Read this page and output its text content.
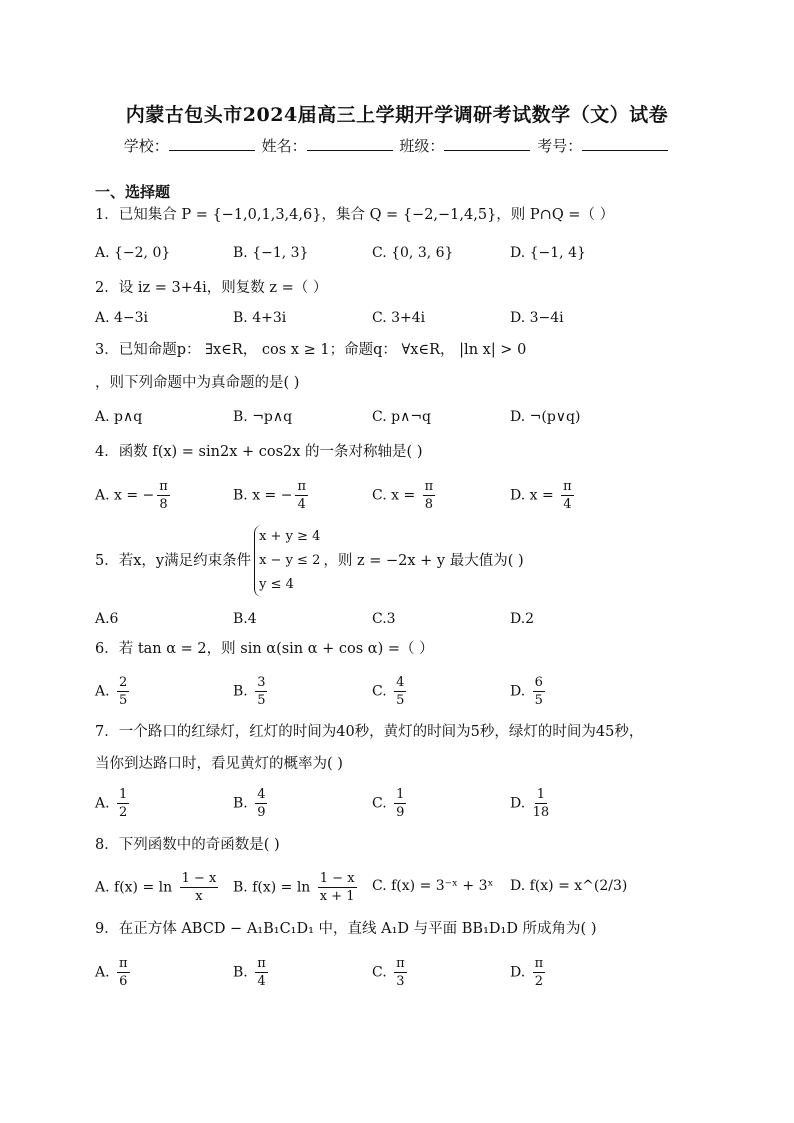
内蒙古包头市2024届高三上学期开学调研考试数学（文）试卷
学校：	姓名：	班级：	考号：
一、选择题
1．已知集合 P = {−1,0,1,3,4,6}，集合 Q = {−2,−1,4,5}，则 P∩Q =（ ）
A. {−2, 0}	B. {−1, 3}	C. {0, 3, 6}	D. {−1, 4}
2．设 iz = 3+4i，则复数 z =（ ）
A. 4−3i	B. 4+3i	C. 3+4i	D. 3−4i
3．已知命题p： ∃x∈R， cos x ≥ 1；命题q： ∀x∈R， |ln x| > 0
，则下列命题中为真命题的是( )
A. p∧q	B. ¬p∧q	C. p∧¬q	D. ¬(p∨q)
4．函数 f(x) = sin2x + cos2x 的一条对称轴是( )
A. x = − $\frac{\pi}{8}$	B. x = − $\frac{\pi}{4}$	C. $x = \frac{\pi}{8}$	D. $x = \frac{\pi}{4}$
5．若x，y满足约束条件
x + y ≥ 4
x − y ≤ 2
y ≤ 4
，则 z = −2x + y 最大值为( )
A.6	B.4	C.3	D.2
6．若 tan α = 2，则 sin α(sin α + cos α) =（ ）
A. $\frac{2}{5}$	B. $\frac{3}{5}$	C. $\frac{4}{5}$	D. $\frac{6}{5}$
7．一个路口的红绿灯，红灯的时间为40秒，黄灯的时间为5秒，绿灯的时间为45秒，
当你到达路口时，看见黄灯的概率为( )
A. $\frac{1}{2}$	B. $\frac{4}{9}$	C. $\frac{1}{9}$	D. $\frac{1}{18}$
8．下列函数中的奇函数是( )
A. $f(x) = \ln \frac{1 - x}{x} B$. $f(x) = \ln \frac{1 - x}{x + 1} C$. f(x) = 3⁻ˣ + 3ˣ D. f(x) = x^(2/3)
9．在正方体 ABCD − A₁B₁C₁D₁ 中，直线 A₁D 与平面 BB₁D₁D 所成角为( )
A. $\frac{\pi}{6}$	B. $\frac{\pi}{4}$	C. $\frac{\pi}{3}$	D. $\frac{\pi}{2}$
